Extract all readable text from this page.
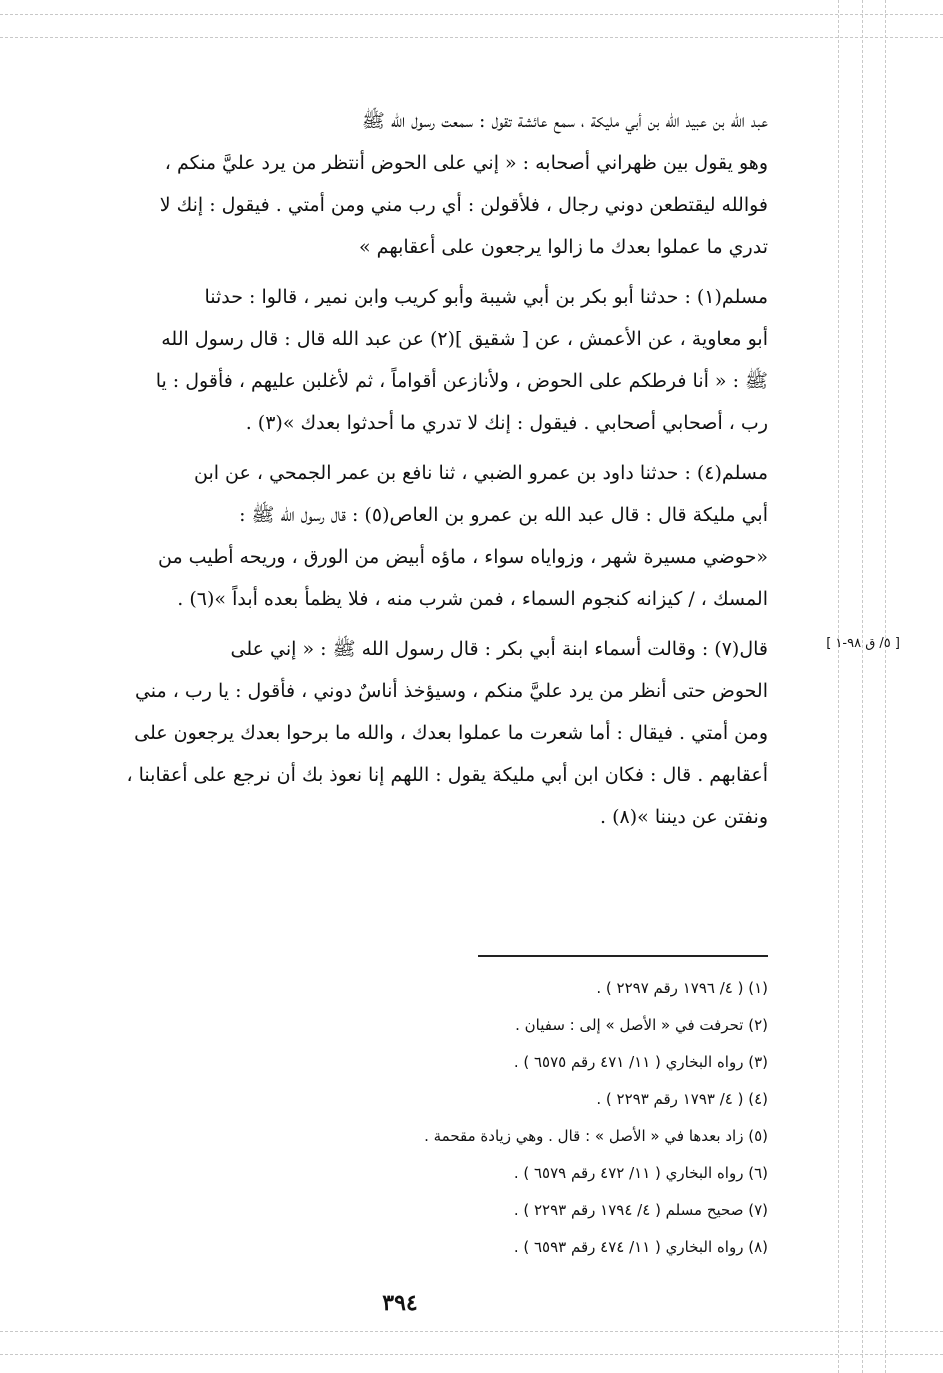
عبد الله بن عبيد الله بن أبي مليكة ، سمع عائشة تقول : سمعت رسول الله ﷺ
وهو يقول بين ظهراني أصحابه : « إني على الحوض أنتظر من يرد عليَّ منكم ،
فوالله ليقتطعن دوني رجال ، فلأقولن : أي رب مني ومن أمتي . فيقول : إنك لا
تدري ما عملوا بعدك ما زالوا يرجعون على أعقابهم »
مسلم(١) : حدثنا أبو بكر بن أبي شيبة وأبو كريب وابن نمير ، قالوا : حدثنا
أبو معاوية ، عن الأعمش ، عن [ شقيق ](٢) عن عبد الله قال : قال رسول الله
ﷺ : « أنا فرطكم على الحوض ، ولأنازعن أقواماً ، ثم لأغلبن عليهم ، فأقول : يا
رب ، أصحابي أصحابي . فيقول : إنك لا تدري ما أحدثوا بعدك »(٣) .
مسلم(٤) : حدثنا داود بن عمرو الضبي ، ثنا نافع بن عمر الجمحي ، عن ابن
أبي مليكة قال : قال عبد الله بن عمرو بن العاص(٥) : قال رسول الله ﷺ :
«حوضي مسيرة شهر ، وزواياه سواء ، ماؤه أبيض من الورق ، وريحه أطيب من
المسك ، / كيزانه كنجوم السماء ، فمن شرب منه ، فلا يظمأ بعده أبداً »(٦) .
قال(٧) : وقالت أسماء ابنة أبي بكر : قال رسول الله ﷺ : « إني على
الحوض حتى أنظر من يرد عليَّ منكم ، وسيؤخذ أناسٌ دوني ، فأقول : يا رب ، مني
ومن أمتي . فيقال : أما شعرت ما عملوا بعدك ، والله ما برحوا بعدك يرجعون على
أعقابهم . قال : فكان ابن أبي مليكة يقول : اللهم إنا نعوذ بك أن نرجع على أعقابنا ،
ونفتن عن ديننا »(٨) .
[ ٥/ ق ٩٨-١ ]
(١) ( ٤/ ١٧٩٦ رقم ٢٢٩٧ ) .
(٢) تحرفت في « الأصل » إلى : سفيان .
(٣) رواه البخاري ( ١١/ ٤٧١ رقم ٦٥٧٥ ) .
(٤) ( ٤/ ١٧٩٣ رقم ٢٢٩٣ ) .
(٥) زاد بعدها في « الأصل » : قال . وهي زيادة مقحمة .
(٦) رواه البخاري ( ١١/ ٤٧٢ رقم ٦٥٧٩ ) .
(٧) صحيح مسلم ( ٤/ ١٧٩٤ رقم ٢٢٩٣ ) .
(٨) رواه البخاري ( ١١/ ٤٧٤ رقم ٦٥٩٣ ) .
٣٩٤
